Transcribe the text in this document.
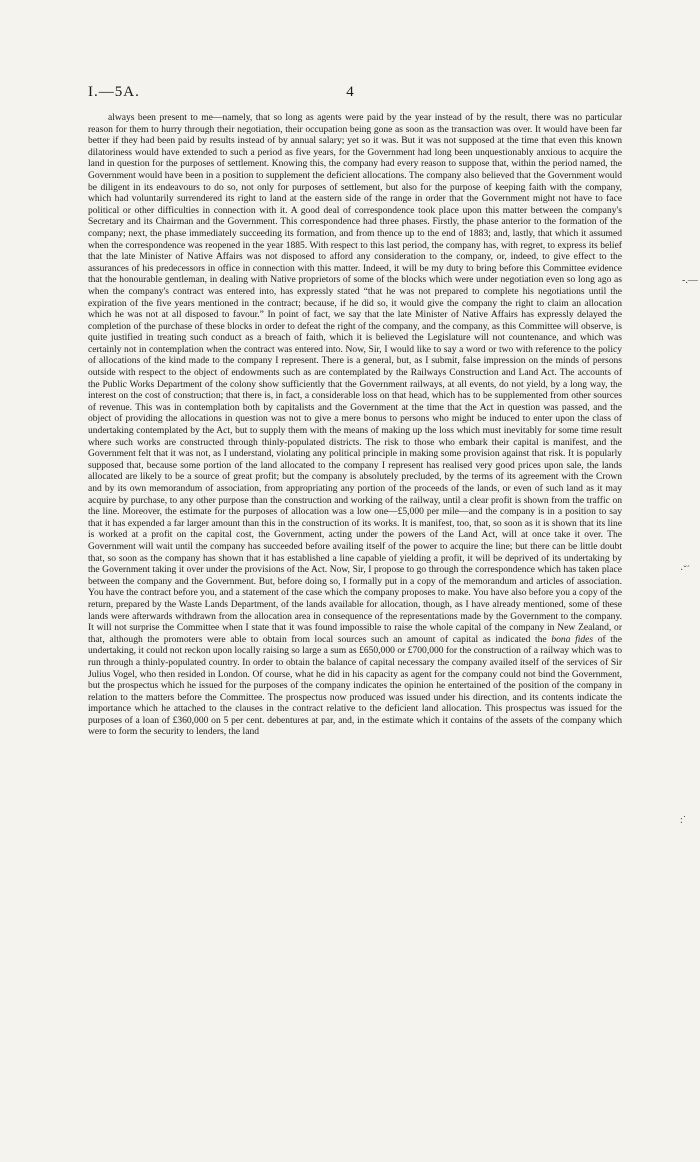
I.—5A.	4

always been present to me—namely, that so long as agents were paid by the year instead of by the result, there was no particular reason for them to hurry through their negotiation, their occupation being gone as soon as the transaction was over. It would have been far better if they had been paid by results instead of by annual salary; yet so it was. But it was not supposed at the time that even this known dilatoriness would have extended to such a period as five years, for the Government had long been unquestionably anxious to acquire the land in question for the purposes of settlement. Knowing this, the company had every reason to suppose that, within the period named, the Government would have been in a position to supplement the deficient allocations. The company also believed that the Government would be diligent in its endeavours to do so, not only for purposes of settlement, but also for the purpose of keeping faith with the company, which had voluntarily surrendered its right to land at the eastern side of the range in order that the Government might not have to face political or other difficulties in connection with it. A good deal of correspondence took place upon this matter between the company's Secretary and its Chairman and the Government. This correspondence had three phases. Firstly, the phase anterior to the formation of the company; next, the phase immediately succeeding its formation, and from thence up to the end of 1883; and, lastly, that which it assumed when the correspondence was reopened in the year 1885. With respect to this last period, the company has, with regret, to express its belief that the late Minister of Native Affairs was not disposed to afford any consideration to the company, or, indeed, to give effect to the assurances of his predecessors in office in connection with this matter. Indeed, it will be my duty to bring before this Committee evidence that the honourable gentleman, in dealing with Native proprietors of some of the blocks which were under negotiation even so long ago as when the company's contract was entered into, has expressly stated “that he was not prepared to complete his negotiations until the expiration of the five years mentioned in the contract; because, if he did so, it would give the company the right to claim an allocation which he was not at all disposed to favour.” In point of fact, we say that the late Minister of Native Affairs has expressly delayed the completion of the purchase of these blocks in order to defeat the right of the company, and the company, as this Committee will observe, is quite justified in treating such conduct as a breach of faith, which it is believed the Legislature will not countenance, and which was certainly not in contemplation when the contract was entered into. Now, Sir, I would like to say a word or two with reference to the policy of allocations of the kind made to the company I represent. There is a general, but, as I submit, false impression on the minds of persons outside with respect to the object of endowments such as are contemplated by the Railways Construction and Land Act. The accounts of the Public Works Department of the colony show sufficiently that the Government railways, at all events, do not yield, by a long way, the interest on the cost of construction; that there is, in fact, a considerable loss on that head, which has to be supplemented from other sources of revenue. This was in contemplation both by capitalists and the Government at the time that the Act in question was passed, and the object of providing the allocations in question was not to give a mere bonus to persons who might be induced to enter upon the class of undertaking contemplated by the Act, but to supply them with the means of making up the loss which must inevitably for some time result where such works are constructed through thinly-populated districts. The risk to those who embark their capital is manifest, and the Government felt that it was not, as I understand, violating any political principle in making some provision against that risk. It is popularly supposed that, because some portion of the land allocated to the company I represent has realised very good prices upon sale, the lands allocated are likely to be a source of great profit; but the company is absolutely precluded, by the terms of its agreement with the Crown and by its own memorandum of association, from appropriating any portion of the proceeds of the lands, or even of such land as it may acquire by purchase, to any other purpose than the construction and working of the railway, until a clear profit is shown from the traffic on the line. Moreover, the estimate for the purposes of allocation was a low one—£5,000 per mile—and the company is in a position to say that it has expended a far larger amount than this in the construction of its works. It is manifest, too, that, so soon as it is shown that its line is worked at a profit on the capital cost, the Government, acting under the powers of the Land Act, will at once take it over. The Government will wait until the company has succeeded before availing itself of the power to acquire the line; but there can be little doubt that, so soon as the company has shown that it has established a line capable of yielding a profit, it will be deprived of its undertaking by the Government taking it over under the provisions of the Act. Now, Sir, I propose to go through the correspondence which has taken place between the company and the Government. But, before doing so, I formally put in a copy of the memorandum and articles of association. You have the contract before you, and a statement of the case which the company proposes to make. You have also before you a copy of the return, prepared by the Waste Lands Department, of the lands available for allocation, though, as I have already mentioned, some of these lands were afterwards withdrawn from the allocation area in consequence of the representations made by the Government to the company. It will not surprise the Committee when I state that it was found impossible to raise the whole capital of the company in New Zealand, or that, although the promoters were able to obtain from local sources such an amount of capital as indicated the bona fides of the undertaking, it could not reckon upon locally raising so large a sum as £650,000 or £700,000 for the construction of a railway which was to run through a thinly-populated country. In order to obtain the balance of capital necessary the company availed itself of the services of Sir Julius Vogel, who then resided in London. Of course, what he did in his capacity as agent for the company could not bind the Government, but the prospectus which he issued for the purposes of the company indicates the opinion he entertained of the position of the company in relation to the matters before the Committee. The prospectus now produced was issued under his direction, and its contents indicate the importance which he attached to the clauses in the contract relative to the deficient land allocation. This prospectus was issued for the purposes of a loan of £360,000 on 5 per cent. debentures at par, and, in the estimate which it contains of the assets of the company which were to form the security to lenders, the land

-.—
·ˇ´
:˙
